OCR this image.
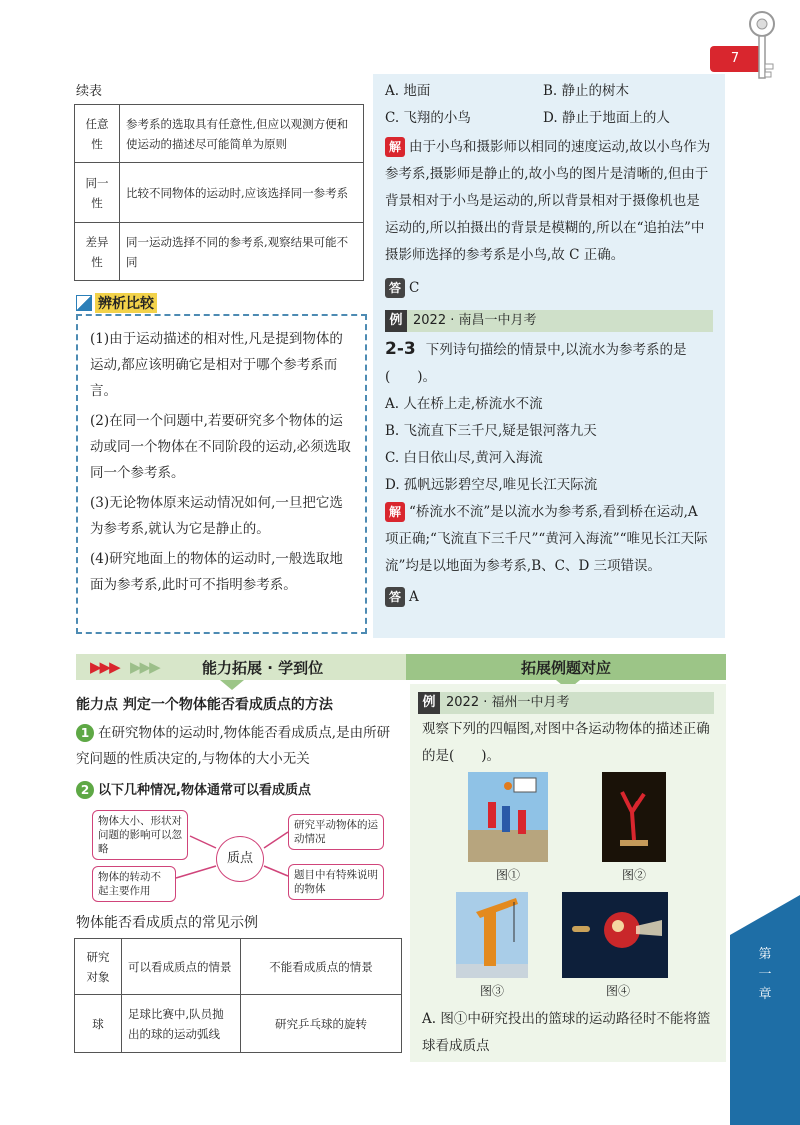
7
续表
任意性	参考系的选取具有任意性,但应以观测方便和使运动的描述尽可能简单为原则
同一性	比较不同物体的运动时,应该选择同一参考系
差异性	同一运动选择不同的参考系,观察结果可能不同
辨析比较

(1)由于运动描述的相对性,凡是提到物体的运动,都应该明确它是相对于哪个参考系而言。

(2)在同一个问题中,若要研究多个物体的运动或同一个物体在不同阶段的运动,必须选取同一个参考系。

(3)无论物体原来运动情况如何,一旦把它选为参考系,就认为它是静止的。

(4)研究地面上的物体的运动时,一般选取地面为参考系,此时可不指明参考系。

A. 地面	B. 静止的树木
C. 飞翔的小鸟	D. 静止于地面上的人
解 由于小鸟和摄影师以相同的速度运动,故以小鸟作为参考系,摄影师是静止的,故小鸟的图片是清晰的,但由于背景相对于小鸟是运动的,所以背景相对于摄像机也是运动的,所以拍摄出的背景是模糊的,所以在“追拍法”中摄影师选择的参考系是小鸟,故 C 正确。
答 C
例 2022 · 南昌一中月考
2-3 下列诗句描绘的情景中,以流水为参考系的是(　　)。
A. 人在桥上走,桥流水不流
B. 飞流直下三千尺,疑是银河落九天
C. 白日依山尽,黄河入海流
D. 孤帆远影碧空尽,唯见长江天际流
解 “桥流水不流”是以流水为参考系,看到桥在运动,A 项正确;“飞流直下三千尺”“黄河入海流”“唯见长江天际流”均是以地面为参考系,B、C、D 三项错误。
答 A
▶▶▶ ▶▶▶	能力拓展 · 学到位	拓展例题对应
能力点 判定一个物体能否看成质点的方法
1 在研究物体的运动时,物体能否看成质点,是由所研究问题的性质决定的,与物体的大小无关
2 以下几种情况,物体通常可以看成质点
物体大小、形状对问题的影响可以忽略
物体的转动不起主要作用
质点
研究平动物体的运动情况
题目中有特殊说明的物体
物体能否看成质点的常见示例
研究对象	可以看成质点的情景	不能看成质点的情景
球	足球比赛中,队员抛出的球的运动弧线	研究乒乓球的旋转
例 2022 · 福州一中月考
观察下列的四幅图,对图中各运动物体的描述正确的是(　　)。
图①	图②
图③	图④
A. 图①中研究投出的篮球的运动路径时不能将篮球看成质点
第一章
